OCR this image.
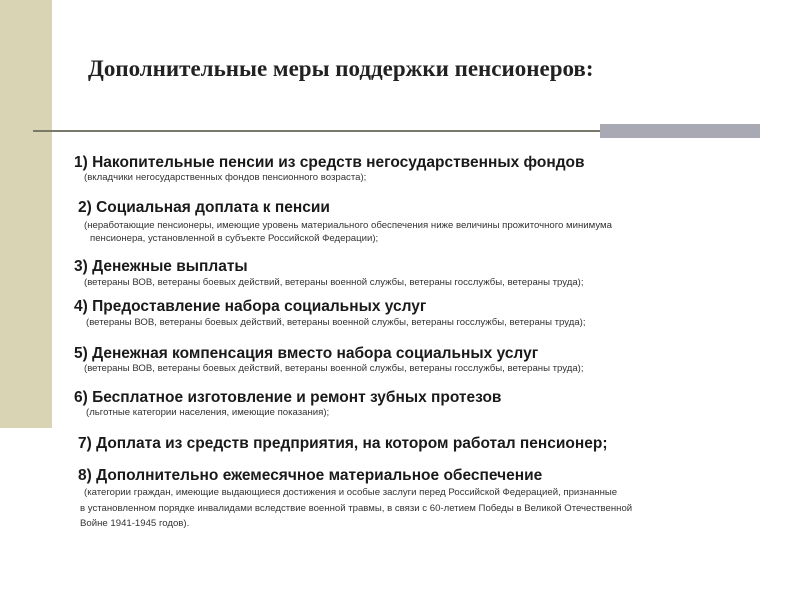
Дополнительные меры поддержки пенсионеров:
1) Накопительные пенсии из средств негосударственных фондов
(вкладчики негосударственных фондов пенсионного возраста);
2) Социальная доплата к пенсии
(неработающие пенсионеры, имеющие уровень материального обеспечения ниже величины прожиточного минимума
пенсионера, установленной в субъекте Российской Федерации);
3) Денежные выплаты
(ветераны ВОВ, ветераны боевых действий, ветераны военной службы, ветераны госслужбы, ветераны труда);
4) Предоставление набора социальных услуг
(ветераны ВОВ, ветераны боевых действий, ветераны военной службы, ветераны госслужбы, ветераны труда);
5) Денежная компенсация вместо набора социальных услуг
(ветераны ВОВ, ветераны боевых действий, ветераны военной службы, ветераны госслужбы, ветераны труда);
6) Бесплатное изготовление и ремонт зубных протезов
(льготные категории населения, имеющие показания);
7) Доплата из средств предприятия, на котором работал пенсионер;
8) Дополнительно ежемесячное материальное обеспечение
(категории граждан, имеющие выдающиеся достижения и особые заслуги перед Российской Федерацией, признанные
в установленном порядке инвалидами вследствие военной травмы, в связи с 60-летием Победы в Великой Отечественной
Войне 1941-1945 годов).
